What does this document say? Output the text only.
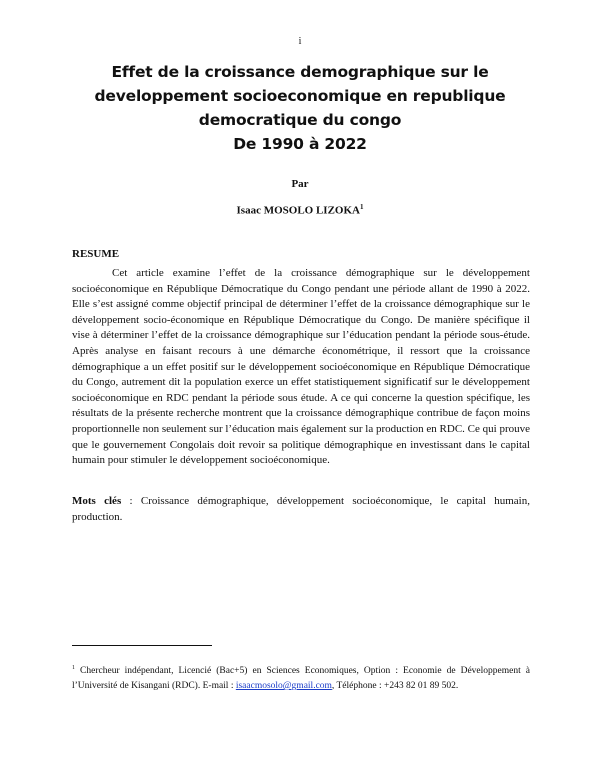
i
Effet de la croissance demographique sur le
developpement socioeconomique en republique
democratique du congo
De 1990 à 2022
Par
Isaac MOSOLO LIZOKA$^1$
RESUME

Cet article examine l’effet de la croissance démographique sur le développement socioéconomique en République Démocratique du Congo pendant une période allant de 1990 à 2022. Elle s’est assigné comme objectif principal de déterminer l’effet de la croissance démographique sur le développement socio-économique en République Démocratique du Congo. De manière spécifique il vise à déterminer l’effet de la croissance démographique sur l’éducation pendant la période sous-étude. Après analyse en faisant recours à une démarche économétrique, il ressort que la croissance démographique a un effet positif sur le développement socioéconomique en République Démocratique du Congo, autrement dit la population exerce un effet statistiquement significatif sur le développement socioéconomique en RDC pendant la période sous étude. A ce qui concerne la question spécifique, les résultats de la présente recherche montrent que la croissance démographique contribue de façon moins proportionnelle non seulement sur l’éducation mais également sur la production en RDC. Ce qui prouve que le gouvernement Congolais doit revoir sa politique démographique en investissant dans le capital humain pour stimuler le développement socioéconomique.

Mots clés : Croissance démographique, développement socioéconomique, le capital humain, production.

$^1$ Chercheur indépendant, Licencié (Bac+5) en Sciences Economiques, Option : Economie de Développement à l’Université de Kisangani (RDC). E-mail : isaacmosolo@gmail.com, Téléphone : +243 82 01 89 502.
